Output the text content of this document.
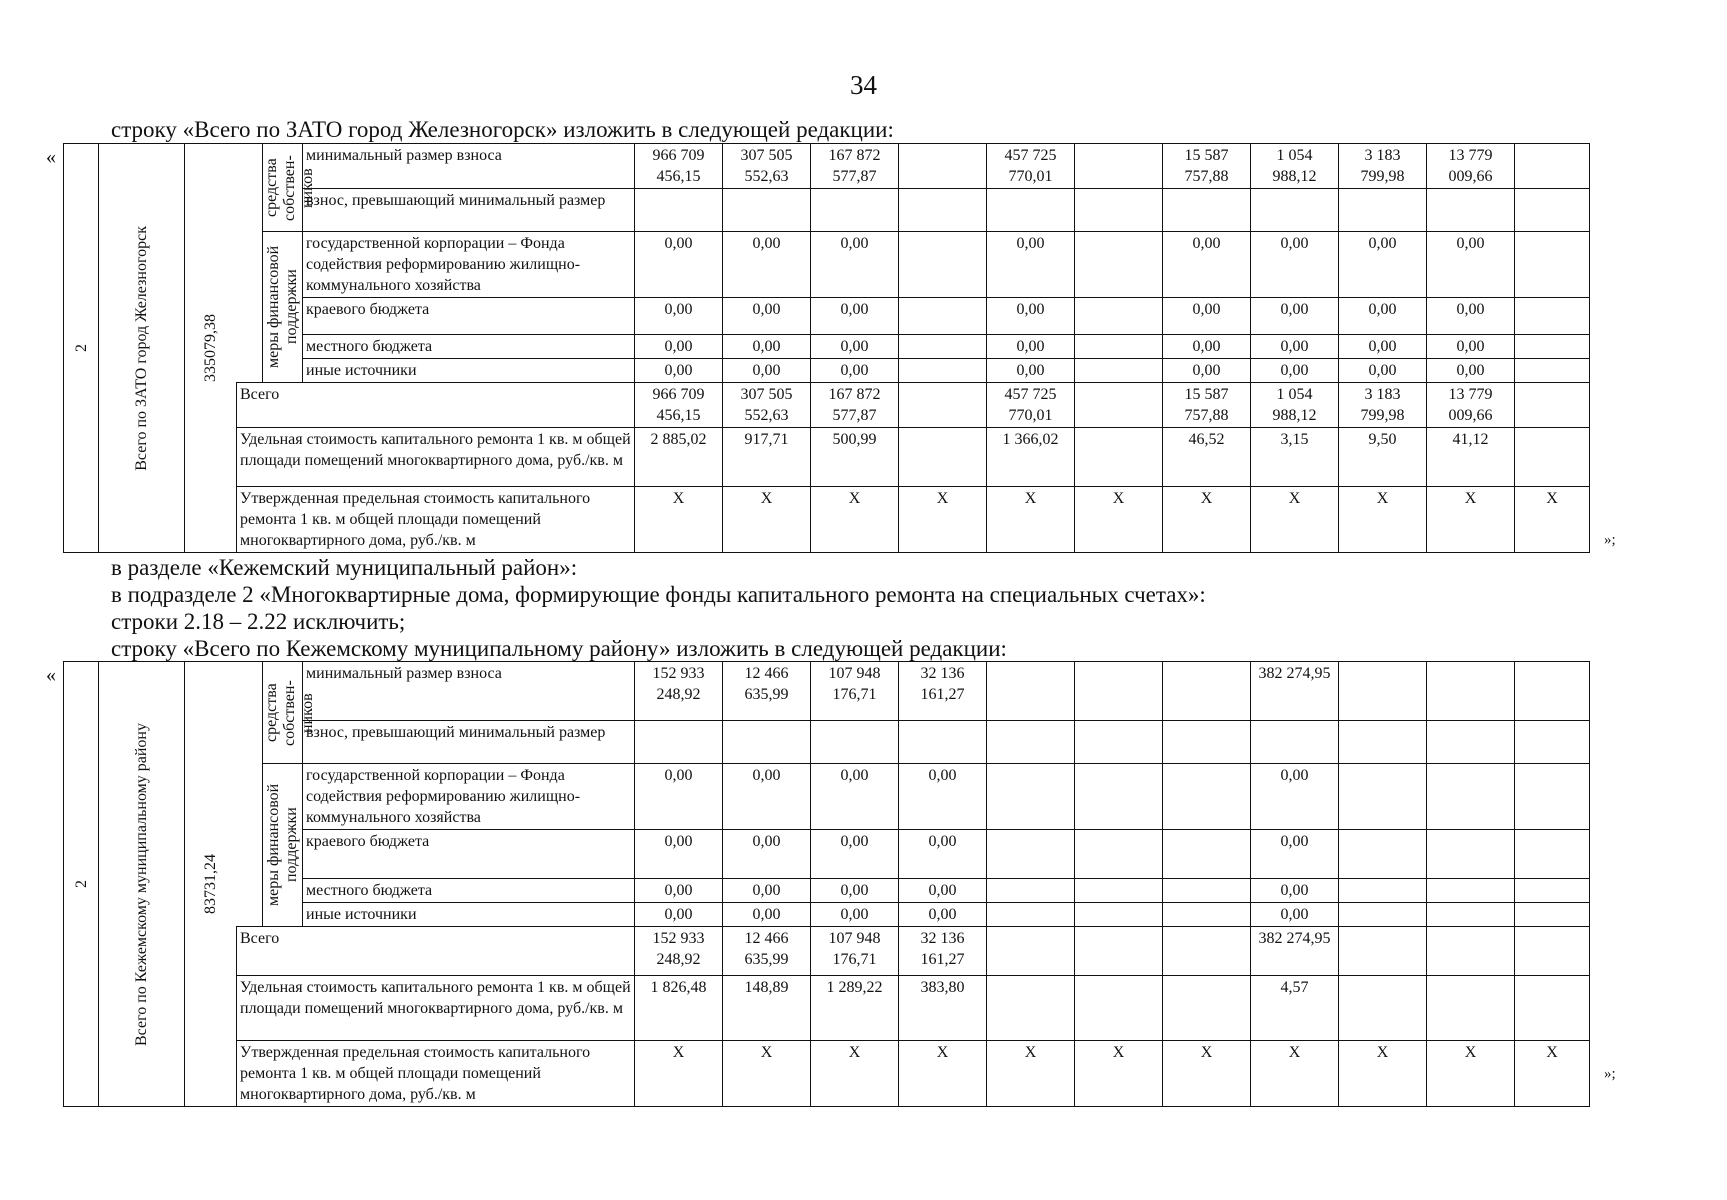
34
строку «Всего по ЗАТО город Железногорск» изложить в следующей редакции:
«
2	Всего по ЗАТО город Железногорск	335079,38		средства собствен-ников	минимальный размер взноса	966 709 456,15	307 505 552,63	167 872 577,87		457 725 770,01		15 587 757,88	1 054 988,12	3 183 799,98	13 779 009,66	
					взнос, превышающий минимальный размер											

				меры финансовой поддержки	государственной корпорации – Фонда содействия реформированию жилищно-коммунального хозяйства	0,00	0,00	0,00		0,00		0,00	0,00	0,00	0,00	
					краевого бюджета	0,00	0,00	0,00		0,00		0,00	0,00	0,00	0,00	
					местного бюджета	0,00	0,00	0,00		0,00		0,00	0,00	0,00	0,00	
					иные источники	0,00	0,00	0,00		0,00		0,00	0,00	0,00	0,00	
			Всего			966 709 456,15	307 505 552,63	167 872 577,87		457 725 770,01		15 587 757,88	1 054 988,12	3 183 799,98	13 779 009,66	
			Удельная стоимость капитального ремонта 1 кв. м общей площади помещений многоквартирного дома, руб./кв. м			2 885,02	917,71	500,99		1 366,02		46,52	3,15	9,50	41,12	
			Утвержденная предельная стоимость капитального ремонта 1 кв. м общей площади помещений многоквартирного дома, руб./кв. м			X	X	X	X	X	X	X	X	X	X	X
»;
в разделе «Кежемский муниципальный район»:
в подразделе 2 «Многоквартирные дома, формирующие фонды капитального ремонта на специальных счетах»:
строки 2.18 – 2.22 исключить;
строку «Всего по Кежемскому муниципальному району» изложить в следующей редакции:
«
2	Всего по Кежемскому муниципальному району	83731,24		средства собствен-ников	минимальный размер взноса	152 933 248,92	12 466 635,99	107 948 176,71	32 136 161,27				382 274,95			
					взнос, превышающий минимальный размер											

				меры финансовой поддержки	государственной корпорации – Фонда содействия реформированию жилищно-коммунального хозяйства	0,00	0,00	0,00	0,00				0,00			
					краевого бюджета	0,00	0,00	0,00	0,00				0,00			
					местного бюджета	0,00	0,00	0,00	0,00				0,00			
					иные источники	0,00	0,00	0,00	0,00				0,00			
			Всего			152 933 248,92	12 466 635,99	107 948 176,71	32 136 161,27				382 274,95			
			Удельная стоимость капитального ремонта 1 кв. м общей площади помещений многоквартирного дома, руб./кв. м			1 826,48	148,89	1 289,22	383,80				4,57			
			Утвержденная предельная стоимость капитального ремонта 1 кв. м общей площади помещений многоквартирного дома, руб./кв. м			X	X	X	X	X	X	X	X	X	X	X
»;
